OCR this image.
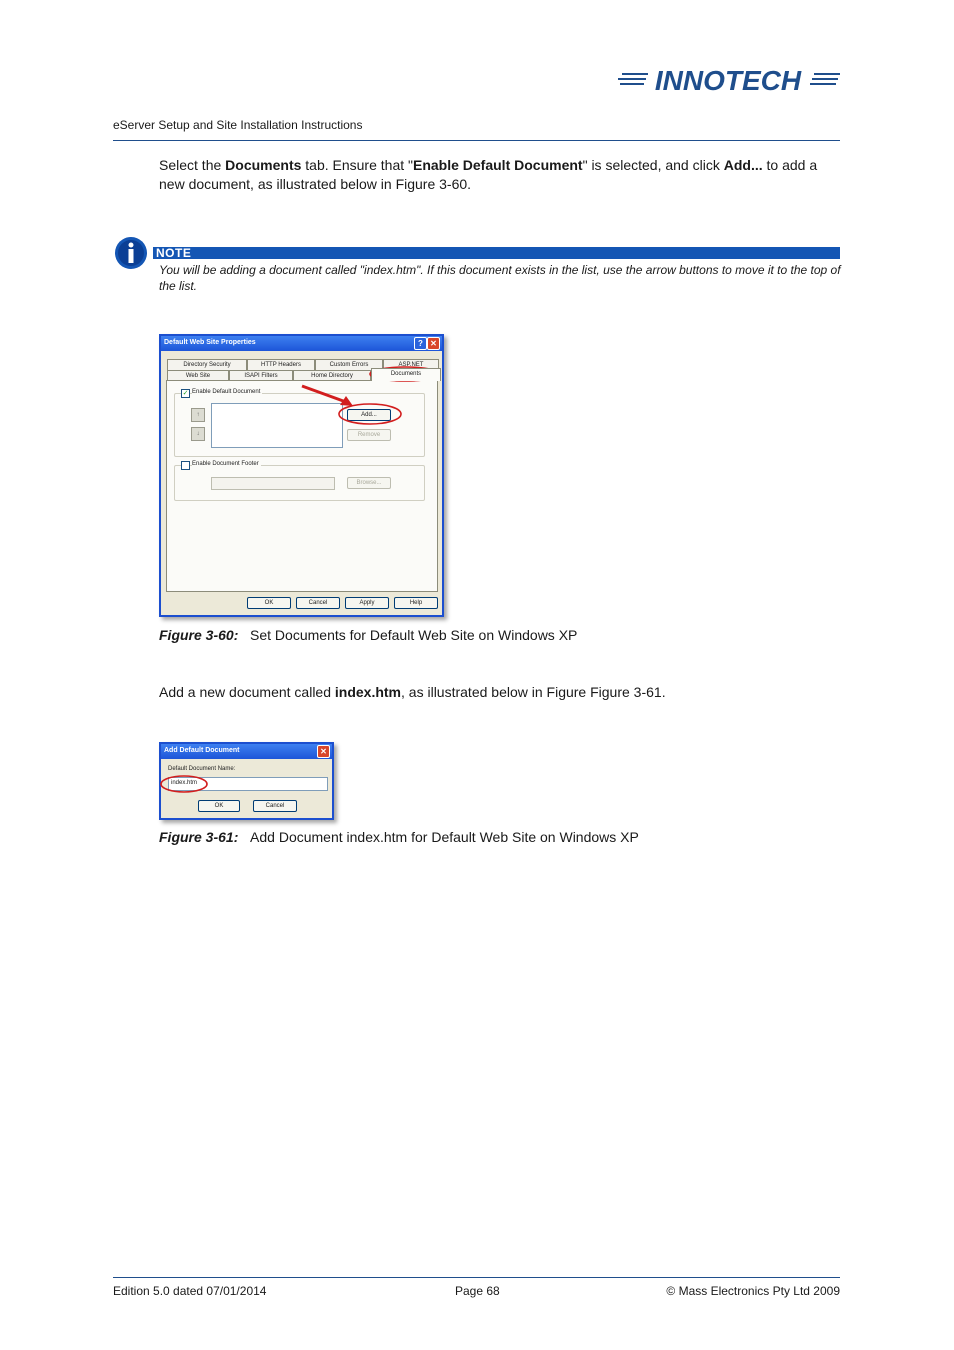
INNOTECH
eServer Setup and Site Installation Instructions
Select the Documents tab. Ensure that "Enable Default Document" is selected, and click Add... to add a new document, as illustrated below in Figure 3-60.
NOTE
You will be adding a document called "index.htm". If this document exists in the list, use the arrow buttons to move it to the top of the list.
Default Web Site Properties	? ✕
Directory Security	HTTP Headers	Custom Errors	ASP.NET
Web Site	ISAPI Filters	Home Directory	Documents
✓ Enable Default Document
↑
↓
Add...
Remove
Enable Document Footer
Browse...
OK	Cancel	Apply	Help
Figure 3-60: Set Documents for Default Web Site on Windows XP
Add a new document called index.htm, as illustrated below in Figure Figure 3-61.
Add Default Document	✕
Default Document Name:
index.htm
OK	Cancel
Figure 3-61: Add Document index.htm for Default Web Site on Windows XP
Edition 5.0 dated 07/01/2014	Page 68	© Mass Electronics Pty Ltd 2009
